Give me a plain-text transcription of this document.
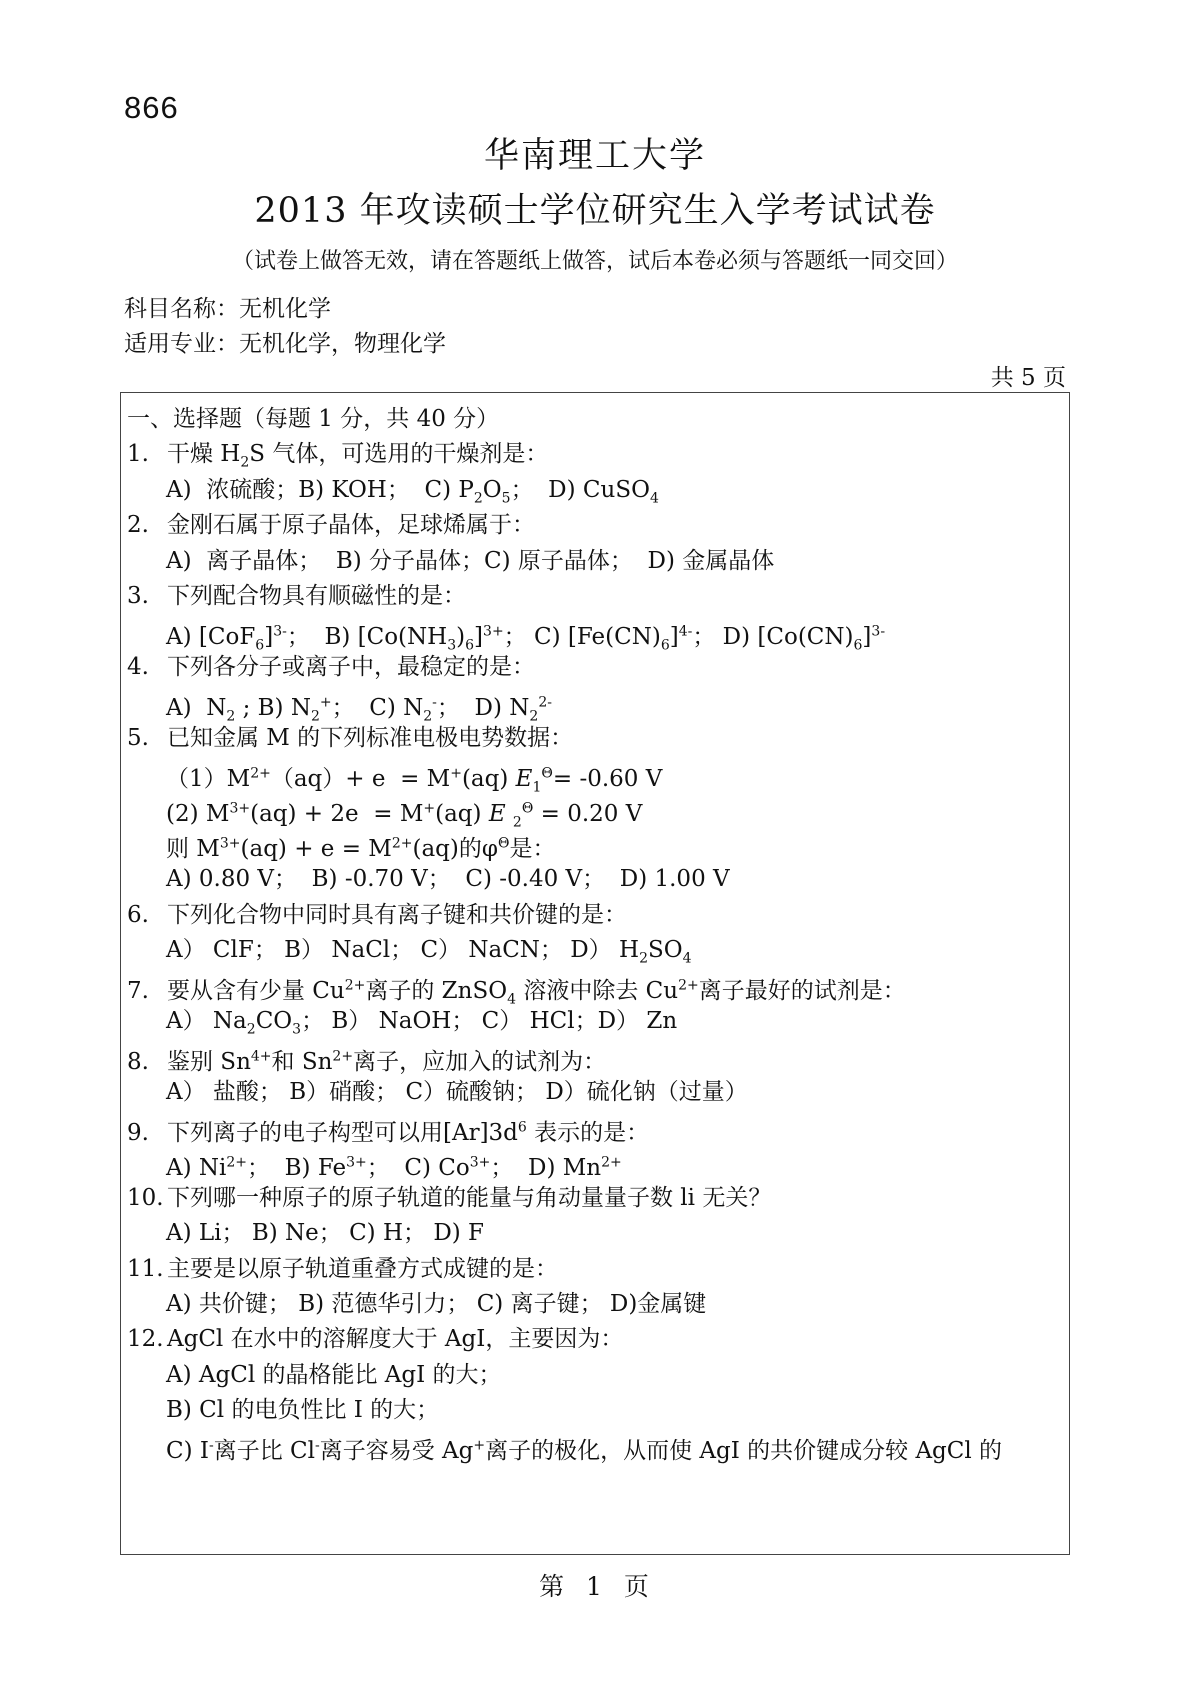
866
华南理工大学
2013 年攻读硕士学位研究生入学考试试卷
（试卷上做答无效，请在答题纸上做答，试后本卷必须与答题纸一同交回）
科目名称：无机化学
适用专业：无机化学，物理化学
共 5 页
一、选择题（每题 1 分，共 40 分）
1. 干燥 $H_2S$ 气体，可选用的干燥剂是：
A)  浓硫酸；B) KOH；  C) $P_2O_5$；  D) CuSO$_4$
2. 金刚石属于原子晶体，足球烯属于：
A)  离子晶体；  B) 分子晶体；C) 原子晶体；  D) 金属晶体
3. 下列配合物具有顺磁性的是：
A) $[CoF_6]^{3-}$；  B) $[Co(NH_3)_6]^{3+}$； C) $[Fe(CN)_6]^{4-}$； D) $[Co(CN)_6]^{3-}$
4. 下列各分子或离子中，最稳定的是：
A)  $N_2$ ; B) $N_2^+$；  C) $N_2^-$；  D) $N_2^{2-}$
5. 已知金属 M 的下列标准电极电势数据：
$(1)M^{2+}(aq)+ e = M^+(aq)$ $E_1^\Theta= -0.60$ V
(2) $M^{3+}(aq) + 2e = M^+(aq)$ E $_2^\Theta$ = 0.20 V
则 $M^{3+}(aq) + e = M^{2+}(aq)$的$\varphi^\Theta$是：
A) 0.80 V；  B) -0.70 V；  C) -0.40 V；  D) 1.00 V
6. 下列化合物中同时具有离子键和共价键的是：
A） ClF； B） NaCl； C） NaCN； D） $H_2SO_4$
7. 要从含有少量 $Cu^{2+}$离子的 ZnSO$_4$ 溶液中除去 $Cu^{2+}$离子最好的试剂是：
A） $Na_2CO_3$； B） NaOH； C） HCl；D） Zn
8. 鉴别 $Sn^{4+}$和 $Sn^{2+}$离子，应加入的试剂为：
A） 盐酸； B）硝酸； C）硫酸钠； D）硫化钠（过量）
9. 下列离子的电子构型可以用$[Ar]3d^6$ 表示的是：
A) $Ni^{2+}$；  B) $Fe^{3+}$；  C) $Co^{3+}$；  D) $Mn^{2+}$
10. 下列哪一种原子的原子轨道的能量与角动量量子数 li 无关？
A) Li； B) Ne； C) H； D) F
11. 主要是以原子轨道重叠方式成键的是：
A) 共价键； B) 范德华引力； C) 离子键； D)金属键
12. AgCl 在水中的溶解度大于 AgI，主要因为：
A) AgCl 的晶格能比 AgI 的大；
B) Cl 的电负性比 I 的大；
C) I-离子比 Cl-离子容易受 Ag+离子的极化，从而使 AgI 的共价键成分较 AgCl 的
第  1  页
